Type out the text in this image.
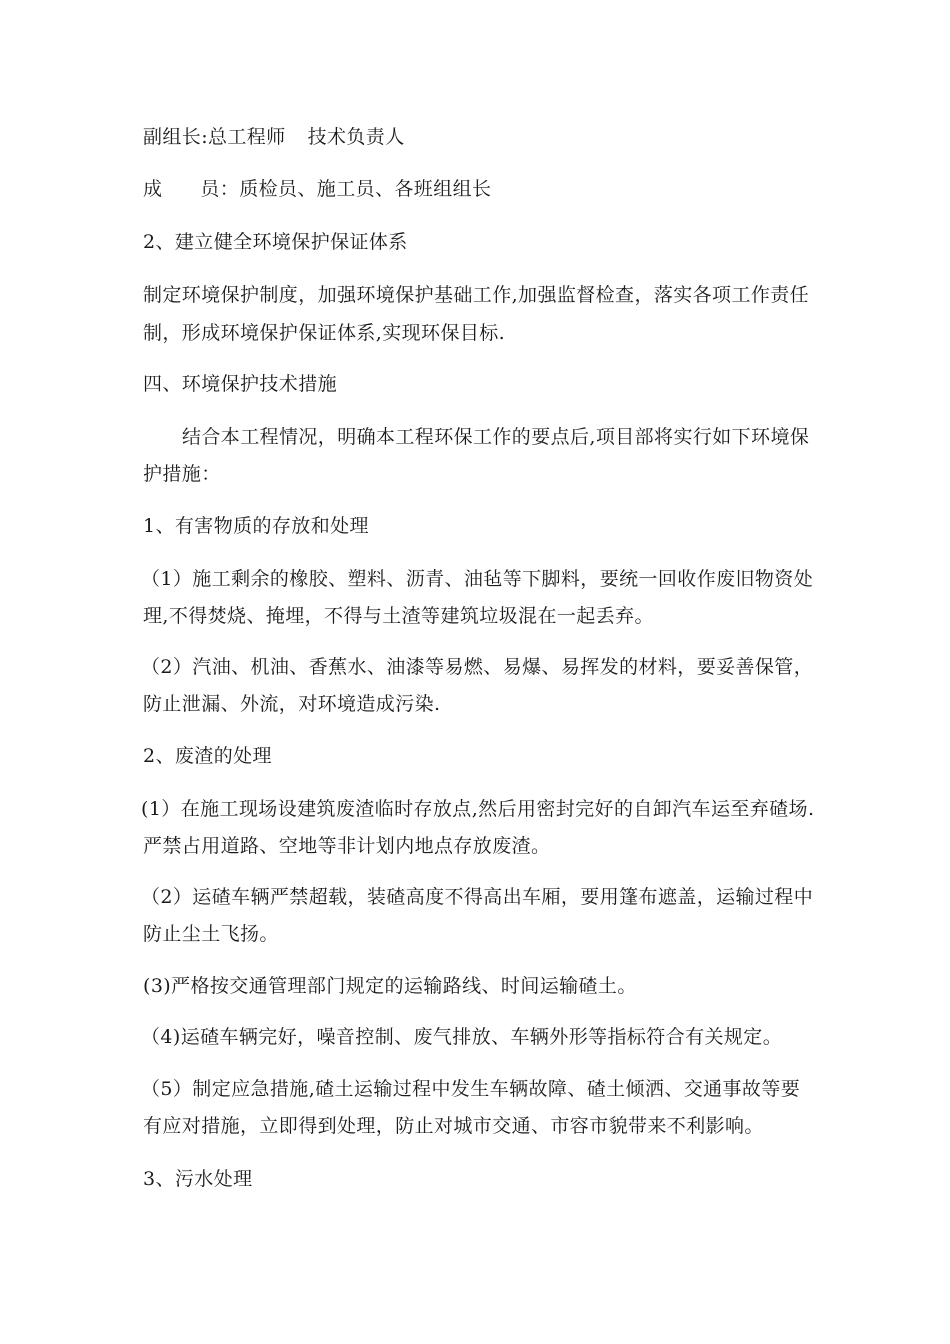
副组长:总工程师 技术负责人
成 员：质检员、施工员、各班组组长
2、建立健全环境保护保证体系
制定环境保护制度，加强环境保护基础工作,加强监督检查，落实各项工作责任
制，形成环境保护保证体系,实现环保目标.
四、环境保护技术措施
结合本工程情况，明确本工程环保工作的要点后,项目部将实行如下环境保
护措施：
1、有害物质的存放和处理
（1）施工剩余的橡胶、塑料、沥青、油毡等下脚料，要统一回收作废旧物资处
理,不得焚烧、掩埋，不得与土渣等建筑垃圾混在一起丢弃。
（2）汽油、机油、香蕉水、油漆等易燃、易爆、易挥发的材料，要妥善保管，
防止泄漏、外流，对环境造成污染.
2、废渣的处理
(1）在施工现场设建筑废渣临时存放点,然后用密封完好的自卸汽车运至弃碴场.
严禁占用道路、空地等非计划内地点存放废渣。
（2）运碴车辆严禁超载，装碴高度不得高出车厢，要用篷布遮盖，运输过程中
防止尘土飞扬。
(3)严格按交通管理部门规定的运输路线、时间运输碴土。
（4)运碴车辆完好，噪音控制、废气排放、车辆外形等指标符合有关规定。
（5）制定应急措施,碴土运输过程中发生车辆故障、碴土倾洒、交通事故等要
有应对措施，立即得到处理，防止对城市交通、市容市貌带来不利影响。
3、污水处理
